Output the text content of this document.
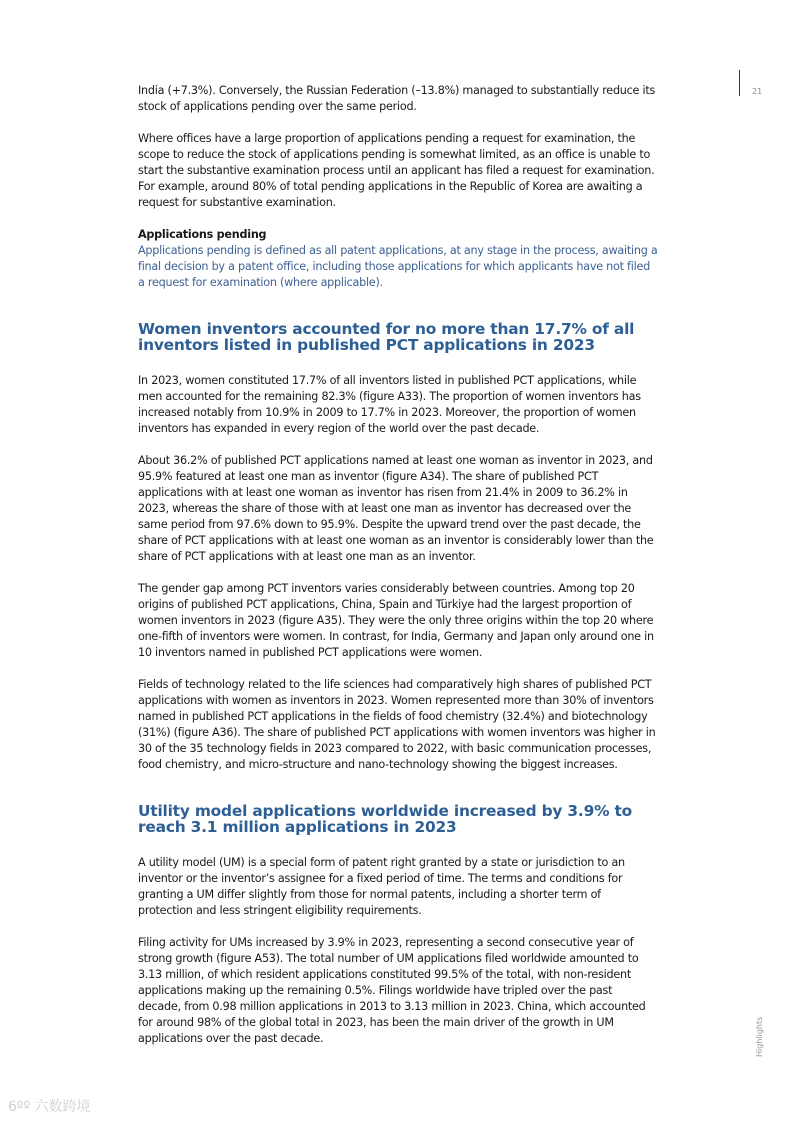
21

India (+7.3%). Conversely, the Russian Federation (–13.8%) managed to substantially reduce its stock of applications pending over the same period.

Where offices have a large proportion of applications pending a request for examination, the scope to reduce the stock of applications pending is somewhat limited, as an office is unable to start the substantive examination process until an applicant has filed a request for examination. For example, around 80% of total pending applications in the Republic of Korea are awaiting a request for substantive examination.

Applications pending

Applications pending is defined as all patent applications, at any stage in the process, awaiting a final decision by a patent office, including those applications for which applicants have not filed a request for examination (where applicable).

Women inventors accounted for no more than 17.7% of all inventors listed in published PCT applications in 2023

In 2023, women constituted 17.7% of all inventors listed in published PCT applications, while men accounted for the remaining 82.3% (figure A33). The proportion of women inventors has increased notably from 10.9% in 2009 to 17.7% in 2023. Moreover, the proportion of women inventors has expanded in every region of the world over the past decade.

About 36.2% of published PCT applications named at least one woman as inventor in 2023, and 95.9% featured at least one man as inventor (figure A34). The share of published PCT applications with at least one woman as inventor has risen from 21.4% in 2009 to 36.2% in 2023, whereas the share of those with at least one man as inventor has decreased over the same period from 97.6% down to 95.9%. Despite the upward trend over the past decade, the share of PCT applications with at least one woman as an inventor is considerably lower than the share of PCT applications with at least one man as an inventor.

The gender gap among PCT inventors varies considerably between countries. Among top 20 origins of published PCT applications, China, Spain and Türkiye had the largest proportion of women inventors in 2023 (figure A35). They were the only three origins within the top 20 where one-fifth of inventors were women. In contrast, for India, Germany and Japan only around one in 10 inventors named in published PCT applications were women.

Fields of technology related to the life sciences had comparatively high shares of published PCT applications with women as inventors in 2023. Women represented more than 30% of inventors named in published PCT applications in the fields of food chemistry (32.4%) and biotechnology (31%) (figure A36). The share of published PCT applications with women inventors was higher in 30 of the 35 technology fields in 2023 compared to 2022, with basic communication processes, food chemistry, and micro-structure and nano-technology showing the biggest increases.

Utility model applications worldwide increased by 3.9% to reach 3.1 million applications in 2023

A utility model (UM) is a special form of patent right granted by a state or jurisdiction to an inventor or the inventor’s assignee for a fixed period of time. The terms and conditions for granting a UM differ slightly from those for normal patents, including a shorter term of protection and less stringent eligibility requirements.

Filing activity for UMs increased by 3.9% in 2023, representing a second consecutive year of strong growth (figure A53). The total number of UM applications filed worldwide amounted to 3.13 million, of which resident applications constituted 99.5% of the total, with non-resident applications making up the remaining 0.5%. Filings worldwide have tripled over the past decade, from 0.98 million applications in 2013 to 3.13 million in 2023. China, which accounted for around 98% of the global total in 2023, has been the main driver of the growth in UM applications over the past decade.	Highlights
6ºº 六数跨境
